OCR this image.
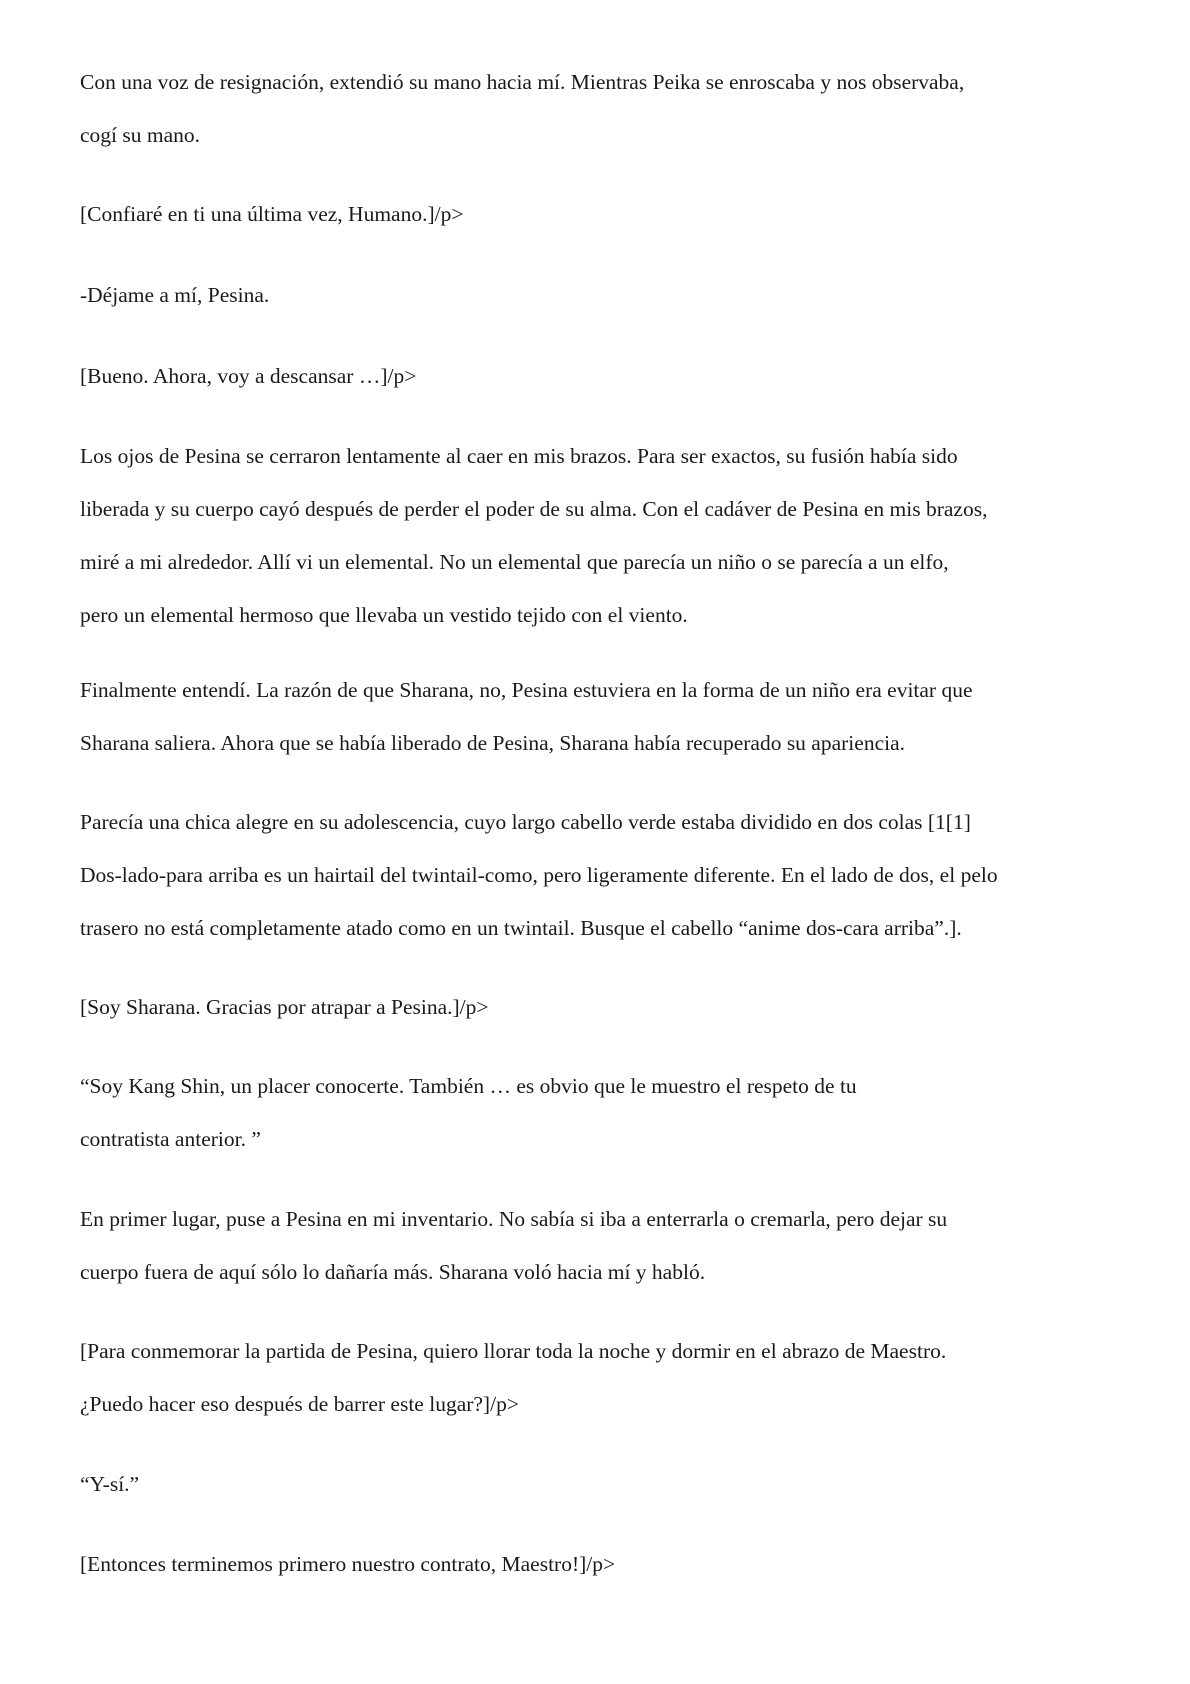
Con una voz de resignación, extendió su mano hacia mí. Mientras Peika se enroscaba y nos observaba,
cogí su mano.

[Confiaré en ti una última vez, Humano.]/p>

-Déjame a mí, Pesina.

[Bueno. Ahora, voy a descansar …]/p>

Los ojos de Pesina se cerraron lentamente al caer en mis brazos. Para ser exactos, su fusión había sido
liberada y su cuerpo cayó después de perder el poder de su alma. Con el cadáver de Pesina en mis brazos,
miré a mi alrededor. Allí vi un elemental. No un elemental que parecía un niño o se parecía a un elfo,
pero un elemental hermoso que llevaba un vestido tejido con el viento.

Finalmente entendí. La razón de que Sharana, no, Pesina estuviera en la forma de un niño era evitar que
Sharana saliera. Ahora que se había liberado de Pesina, Sharana había recuperado su apariencia.

Parecía una chica alegre en su adolescencia, cuyo largo cabello verde estaba dividido en dos colas [1[1]
Dos-lado-para arriba es un hairtail del twintail-como, pero ligeramente diferente. En el lado de dos, el pelo
trasero no está completamente atado como en un twintail. Busque el cabello “anime dos-cara arriba”.].

[Soy Sharana. Gracias por atrapar a Pesina.]/p>

“Soy Kang Shin, un placer conocerte. También … es obvio que le muestro el respeto de tu
contratista anterior. ”

En primer lugar, puse a Pesina en mi inventario. No sabía si iba a enterrarla o cremarla, pero dejar su
cuerpo fuera de aquí sólo lo dañaría más. Sharana voló hacia mí y habló.

[Para conmemorar la partida de Pesina, quiero llorar toda la noche y dormir en el abrazo de Maestro.
¿Puedo hacer eso después de barrer este lugar?]/p>

“Y-sí.”

[Entonces terminemos primero nuestro contrato, Maestro!]/p>
